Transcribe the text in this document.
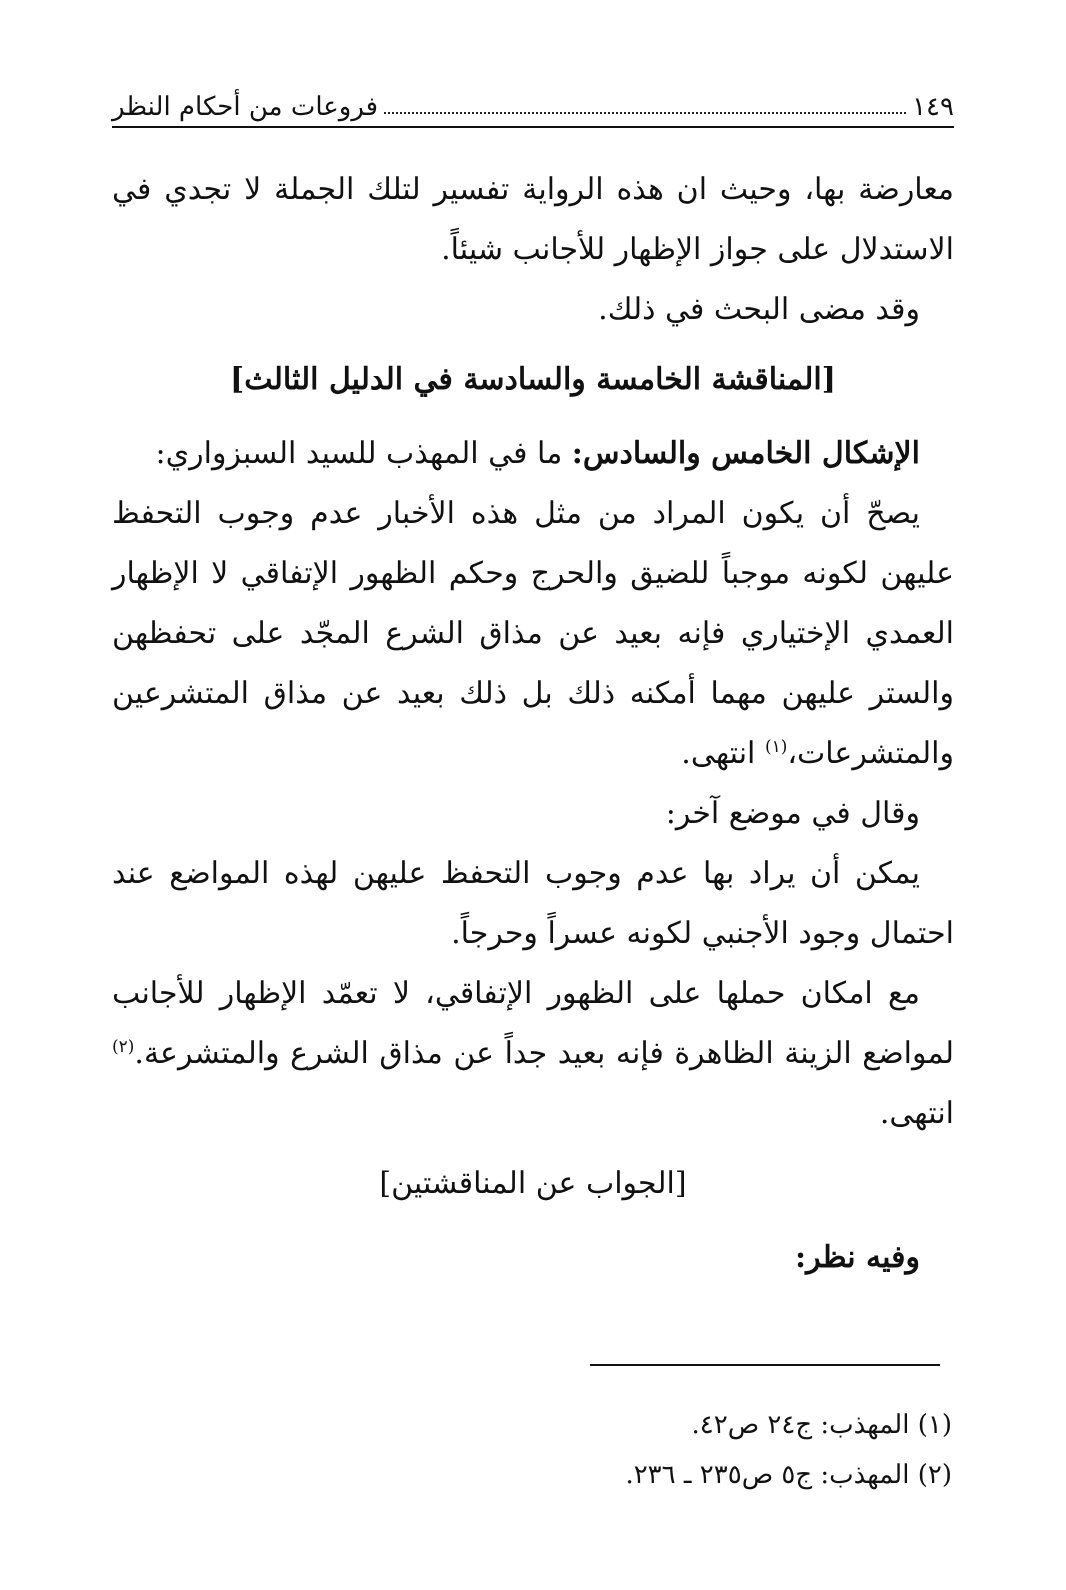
١٤٩
فروعات من أحكام النظر

معارضة بها، وحيث ان هذه الرواية تفسير لتلك الجملة لا تجدي في الاستدلال على جواز الإظهار للأجانب شيئاً.

وقد مضى البحث في ذلك.

[المناقشة الخامسة والسادسة في الدليل الثالث]

الإشكال الخامس والسادس: ما في المهذب للسيد السبزواري:

يصحّ أن يكون المراد من مثل هذه الأخبار عدم وجوب التحفظ عليهن لكونه موجباً للضيق والحرج وحكم الظهور الإتفاقي لا الإظهار العمدي الإختياري فإنه بعيد عن مذاق الشرع المجّد على تحفظهن والستر عليهن مهما أمكنه ذلك بل ذلك بعيد عن مذاق المتشرعين والمتشرعات،$^{(١)}$ انتهى.

وقال في موضع آخر:

يمكن أن يراد بها عدم وجوب التحفظ عليهن لهذه المواضع عند احتمال وجود الأجنبي لكونه عسراً وحرجاً.

مع امكان حملها على الظهور الإتفاقي، لا تعمّد الإظهار للأجانب لمواضع الزينة الظاهرة فإنه بعيد جداً عن مذاق الشرع والمتشرعة.$^{(٢)}$ انتهى.

[الجواب عن المناقشتين]

وفيه نظر:

(١) المهذب: ج٢٤ ص٤٢.

(٢) المهذب: ج٥ ص٢٣٥ ـ ٢٣٦.
